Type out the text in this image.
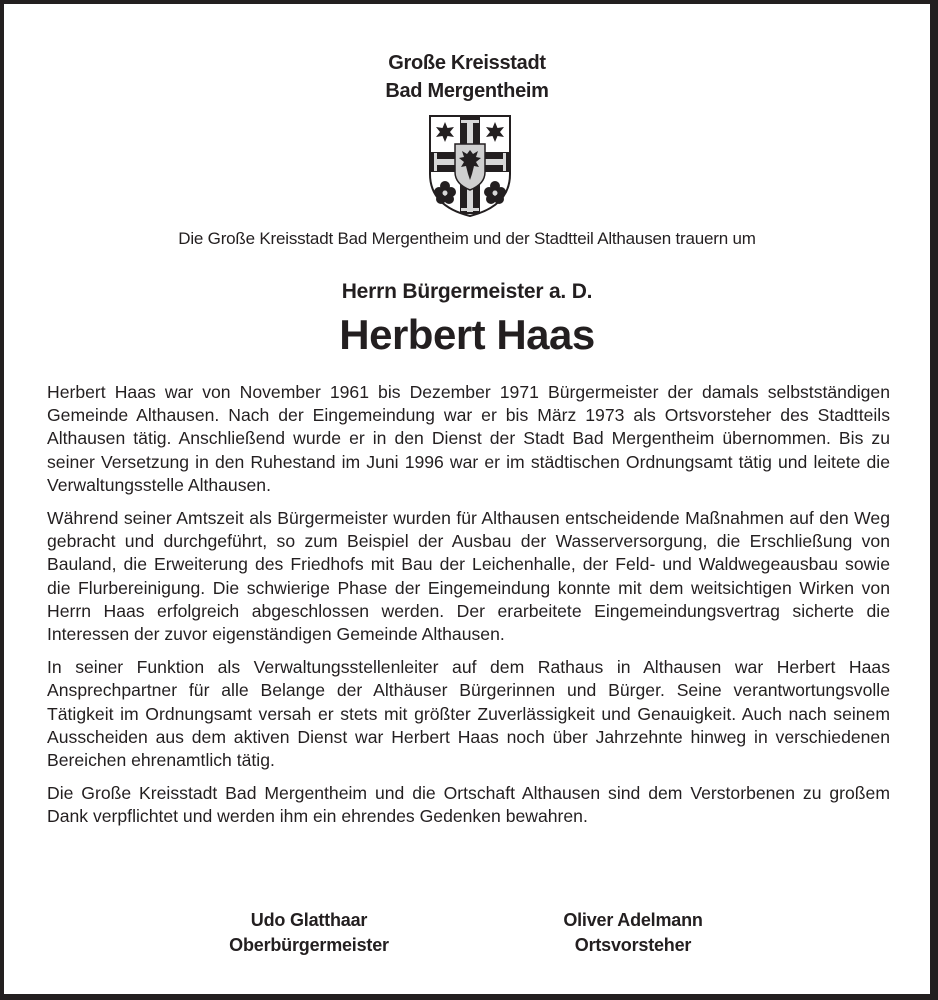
Große Kreisstadt
Bad Mergentheim
Die Große Kreisstadt Bad Mergentheim und der Stadtteil Althausen trauern um
Herrn Bürgermeister a. D.
Herbert Haas

Herbert Haas war von November 1961 bis Dezember 1971 Bürgermeister der damals selbstständigen Gemeinde Althausen. Nach der Eingemeindung war er bis März 1973 als Ortsvorsteher des Stadtteils Althausen tätig. Anschließend wurde er in den Dienst der Stadt Bad Mergentheim übernommen. Bis zu seiner Versetzung in den Ruhestand im Juni 1996 war er im städtischen Ordnungsamt tätig und leitete die Verwaltungsstelle Althausen.

Während seiner Amtszeit als Bürgermeister wurden für Althausen entscheidende Maßnahmen auf den Weg gebracht und durchgeführt, so zum Beispiel der Ausbau der Wasserversorgung, die Erschließung von Bauland, die Erweiterung des Friedhofs mit Bau der Leichenhalle, der Feld- und Waldwegeausbau sowie die Flurbereinigung. Die schwierige Phase der Eingemeindung konnte mit dem weitsichtigen Wirken von Herrn Haas erfolgreich abgeschlossen werden. Der erarbeitete Eingemeindungsvertrag sicherte die Interessen der zuvor eigenständigen Gemeinde Althausen.

In seiner Funktion als Verwaltungsstellenleiter auf dem Rathaus in Althausen war Herbert Haas Ansprechpartner für alle Belange der Althäuser Bürgerinnen und Bürger. Seine verantwortungsvolle Tätigkeit im Ordnungsamt versah er stets mit größter Zuverlässigkeit und Genauigkeit. Auch nach seinem Ausscheiden aus dem aktiven Dienst war Herbert Haas noch über Jahrzehnte hinweg in verschiedenen Bereichen ehrenamtlich tätig.

Die Große Kreisstadt Bad Mergentheim und die Ortschaft Althausen sind dem Verstorbenen zu großem Dank verpflichtet und werden ihm ein ehrendes Gedenken bewahren.

Udo Glatthaar
Oberbürgermeister
Oliver Adelmann
Ortsvorsteher
